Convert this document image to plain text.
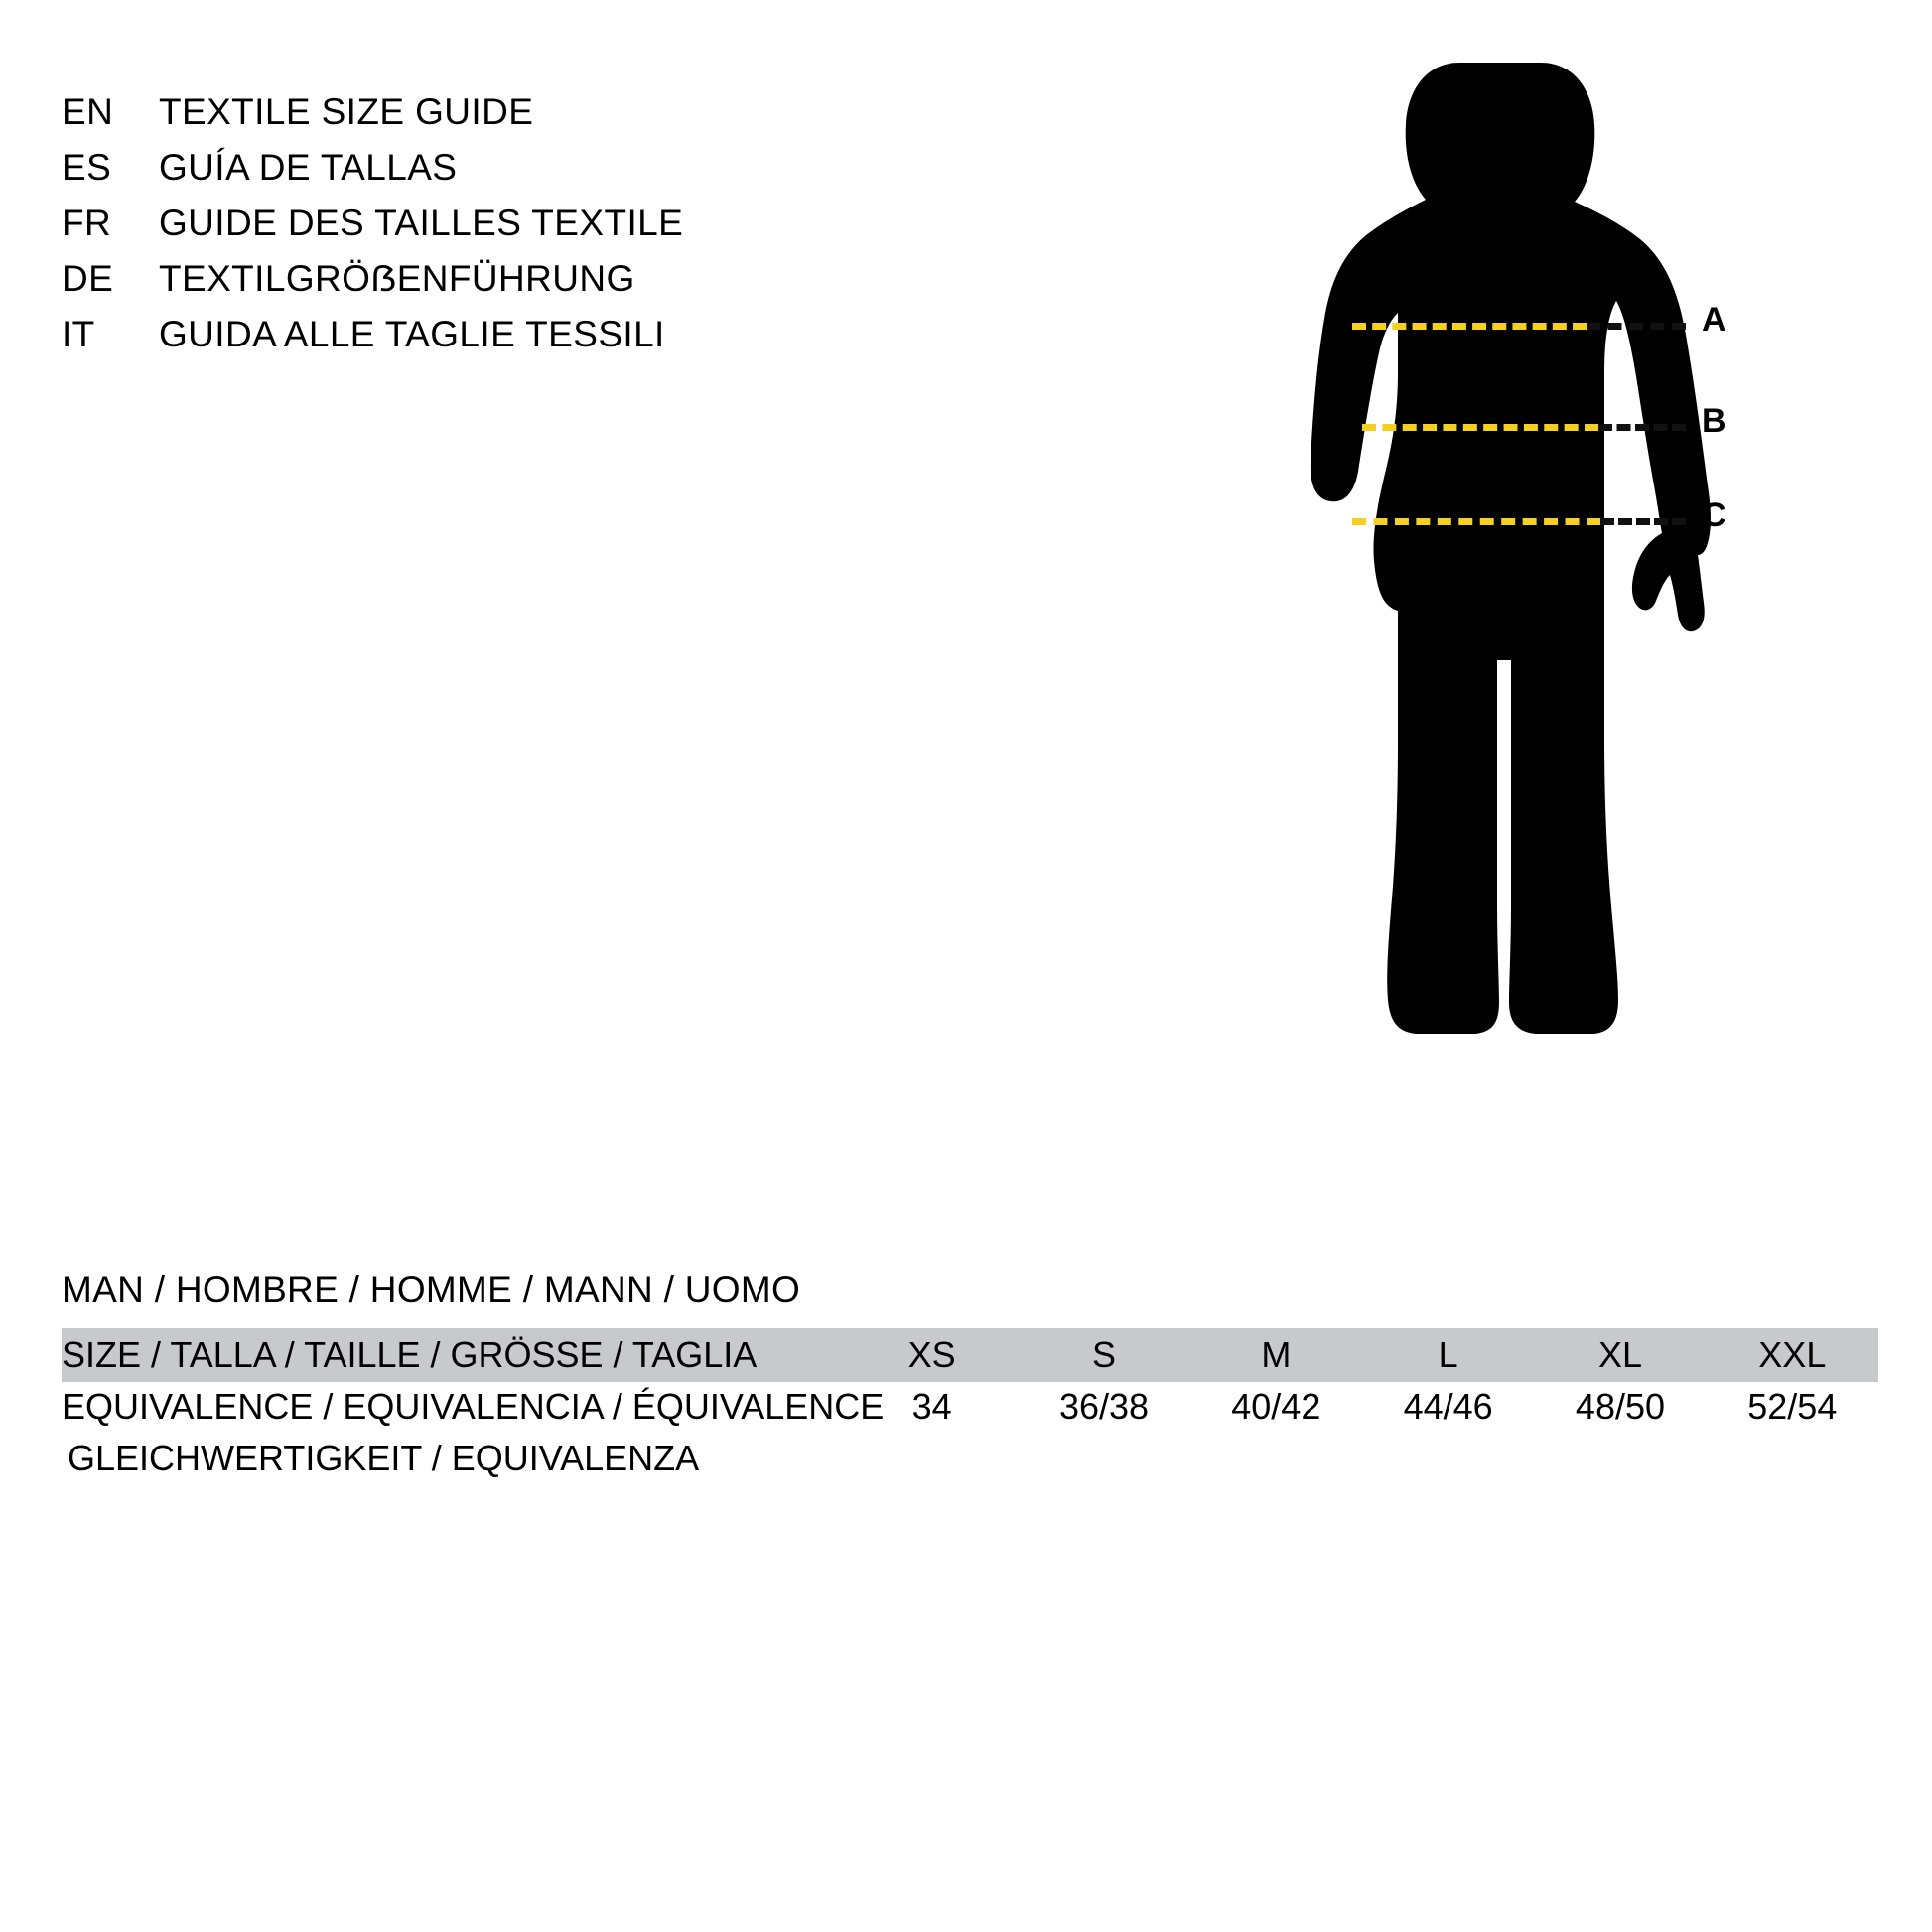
EN	TEXTILE SIZE GUIDE
ES	GUÍA DE TALLAS
FR	GUIDE DES TAILLES TEXTILE
DE	TEXTILGRÖẞENFÜHRUNG
IT	GUIDA ALLE TAGLIE TESSILI	A
B
C
MAN / HOMBRE / HOMME / MANN / UOMO
SIZE / TALLA / TAILLE / GRÖSSE / TAGLIA	XS	S	M	L	XL	XXL
EQUIVALENCE / EQUIVALENCIA / ÉQUIVALENCE	34	36/38	40/42	44/46	48/50	52/54
GLEICHWERTIGKEIT / EQUIVALENZA
